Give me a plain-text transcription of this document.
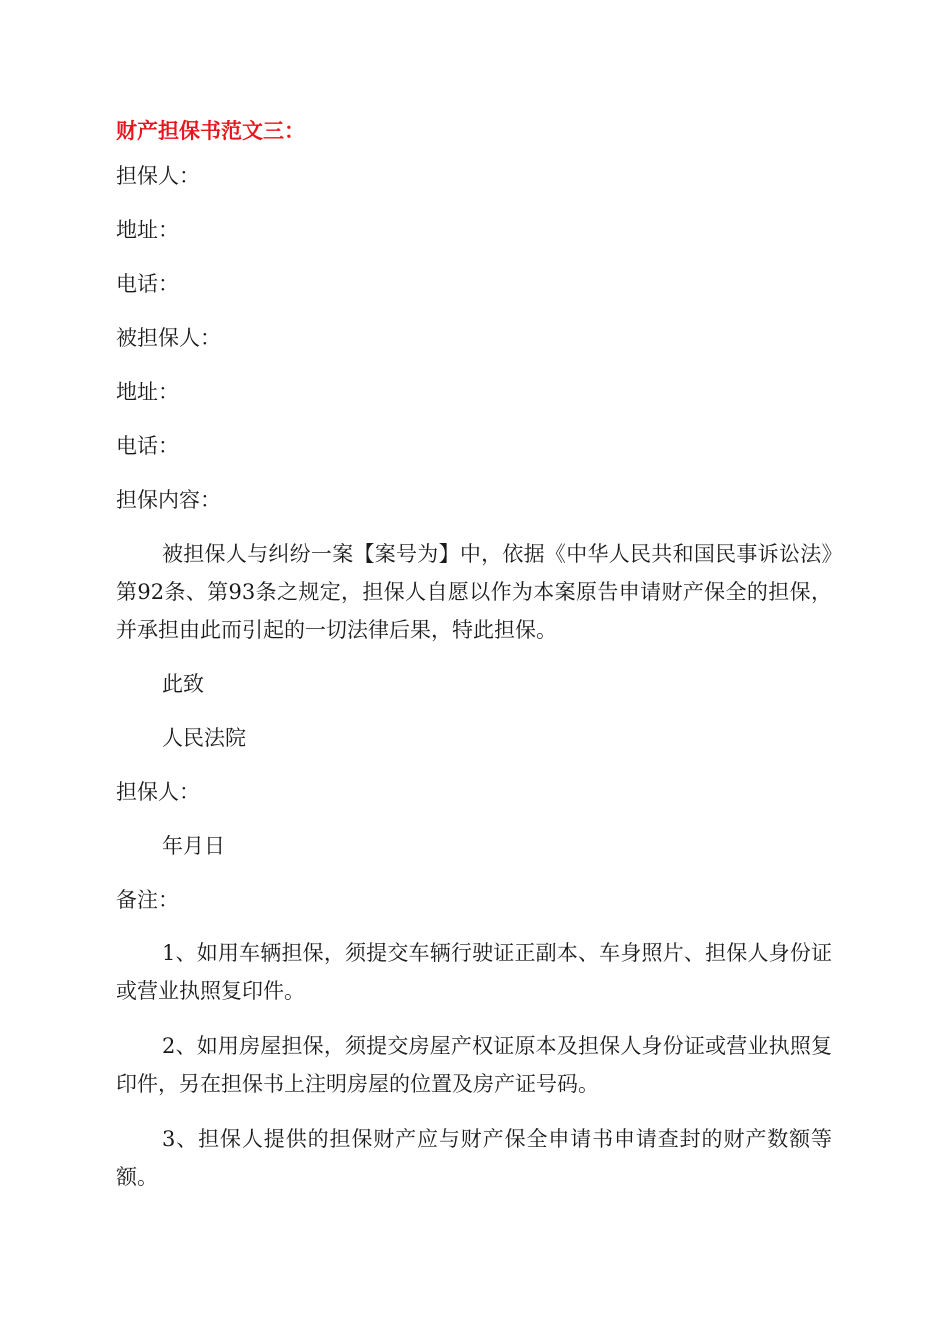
财产担保书范文三：

担保人：

地址：

电话：

被担保人：

地址：

电话：

担保内容：

被担保人与纠纷一案【案号为】中，依据《中华人民共和国民事诉讼法》第92条、第93条之规定，担保人自愿以作为本案原告申请财产保全的担保，并承担由此而引起的一切法律后果，特此担保。

此致

人民法院

担保人：

年月日

备注：

1、如用车辆担保，须提交车辆行驶证正副本、车身照片、担保人身份证或营业执照复印件。

2、如用房屋担保，须提交房屋产权证原本及担保人身份证或营业执照复印件，另在担保书上注明房屋的位置及房产证号码。

3、担保人提供的担保财产应与财产保全申请书申请查封的财产数额等额。
